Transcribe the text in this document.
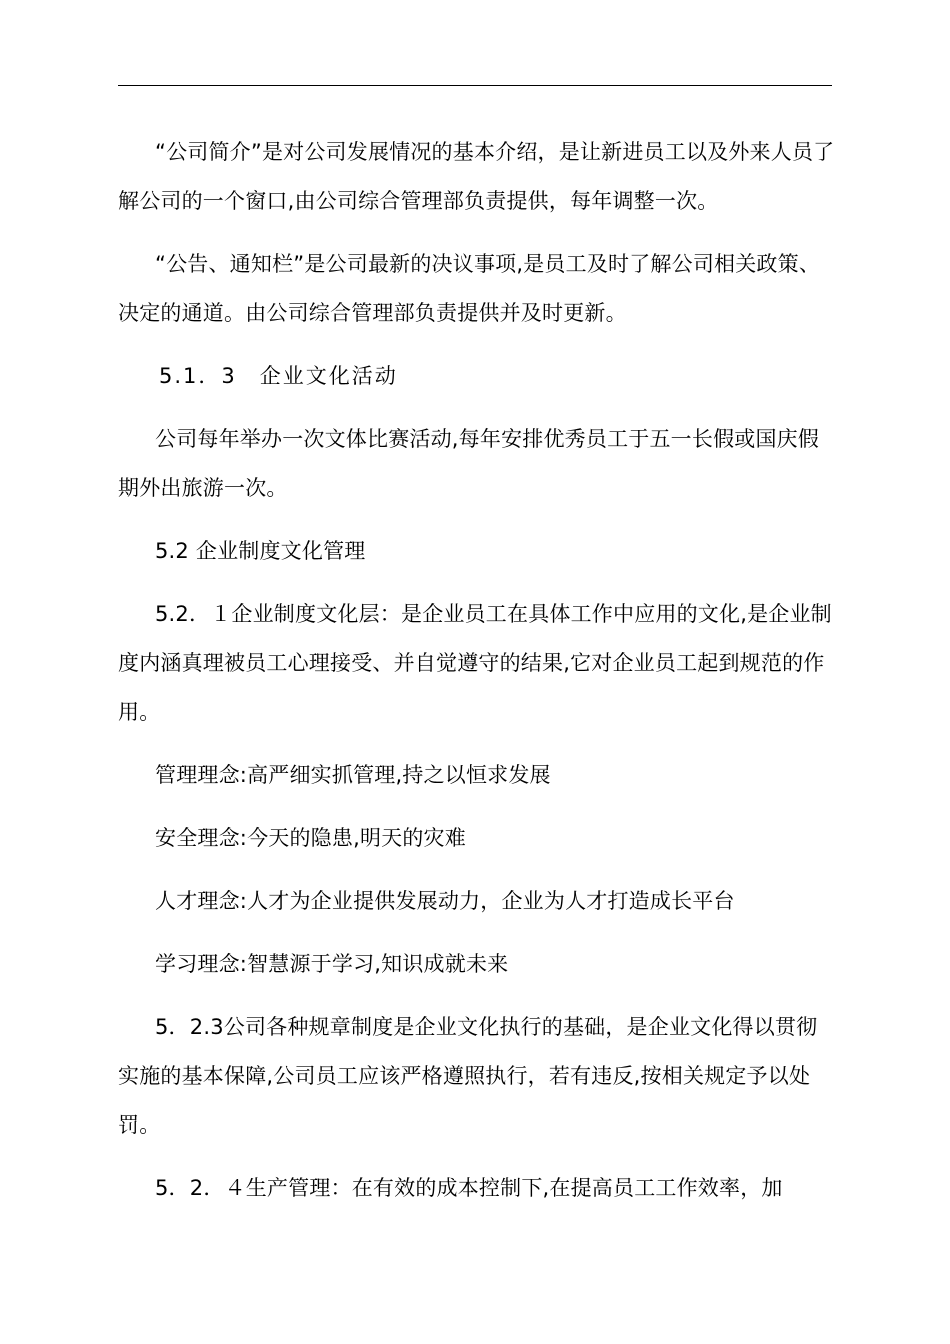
“公司简介”是对公司发展情况的基本介绍，是让新进员工以及外来人员了解公司的一个窗口,由公司综合管理部负责提供，每年调整一次。

“公告、通知栏”是公司最新的决议事项,是员工及时了解公司相关政策、决定的通道。由公司综合管理部负责提供并及时更新。

5.1．3　企业文化活动

公司每年举办一次文体比赛活动,每年安排优秀员工于五一长假或国庆假期外出旅游一次。

5.2 企业制度文化管理

5.2．１企业制度文化层：是企业员工在具体工作中应用的文化,是企业制度内涵真理被员工心理接受、并自觉遵守的结果,它对企业员工起到规范的作用。

管理理念:高严细实抓管理,持之以恒求发展

安全理念:今天的隐患,明天的灾难

人才理念:人才为企业提供发展动力，企业为人才打造成长平台

学习理念:智慧源于学习,知识成就未来

5．2.3公司各种规章制度是企业文化执行的基础，是企业文化得以贯彻实施的基本保障,公司员工应该严格遵照执行，若有违反,按相关规定予以处罚。

5．2．４生产管理：在有效的成本控制下,在提高员工工作效率，加
